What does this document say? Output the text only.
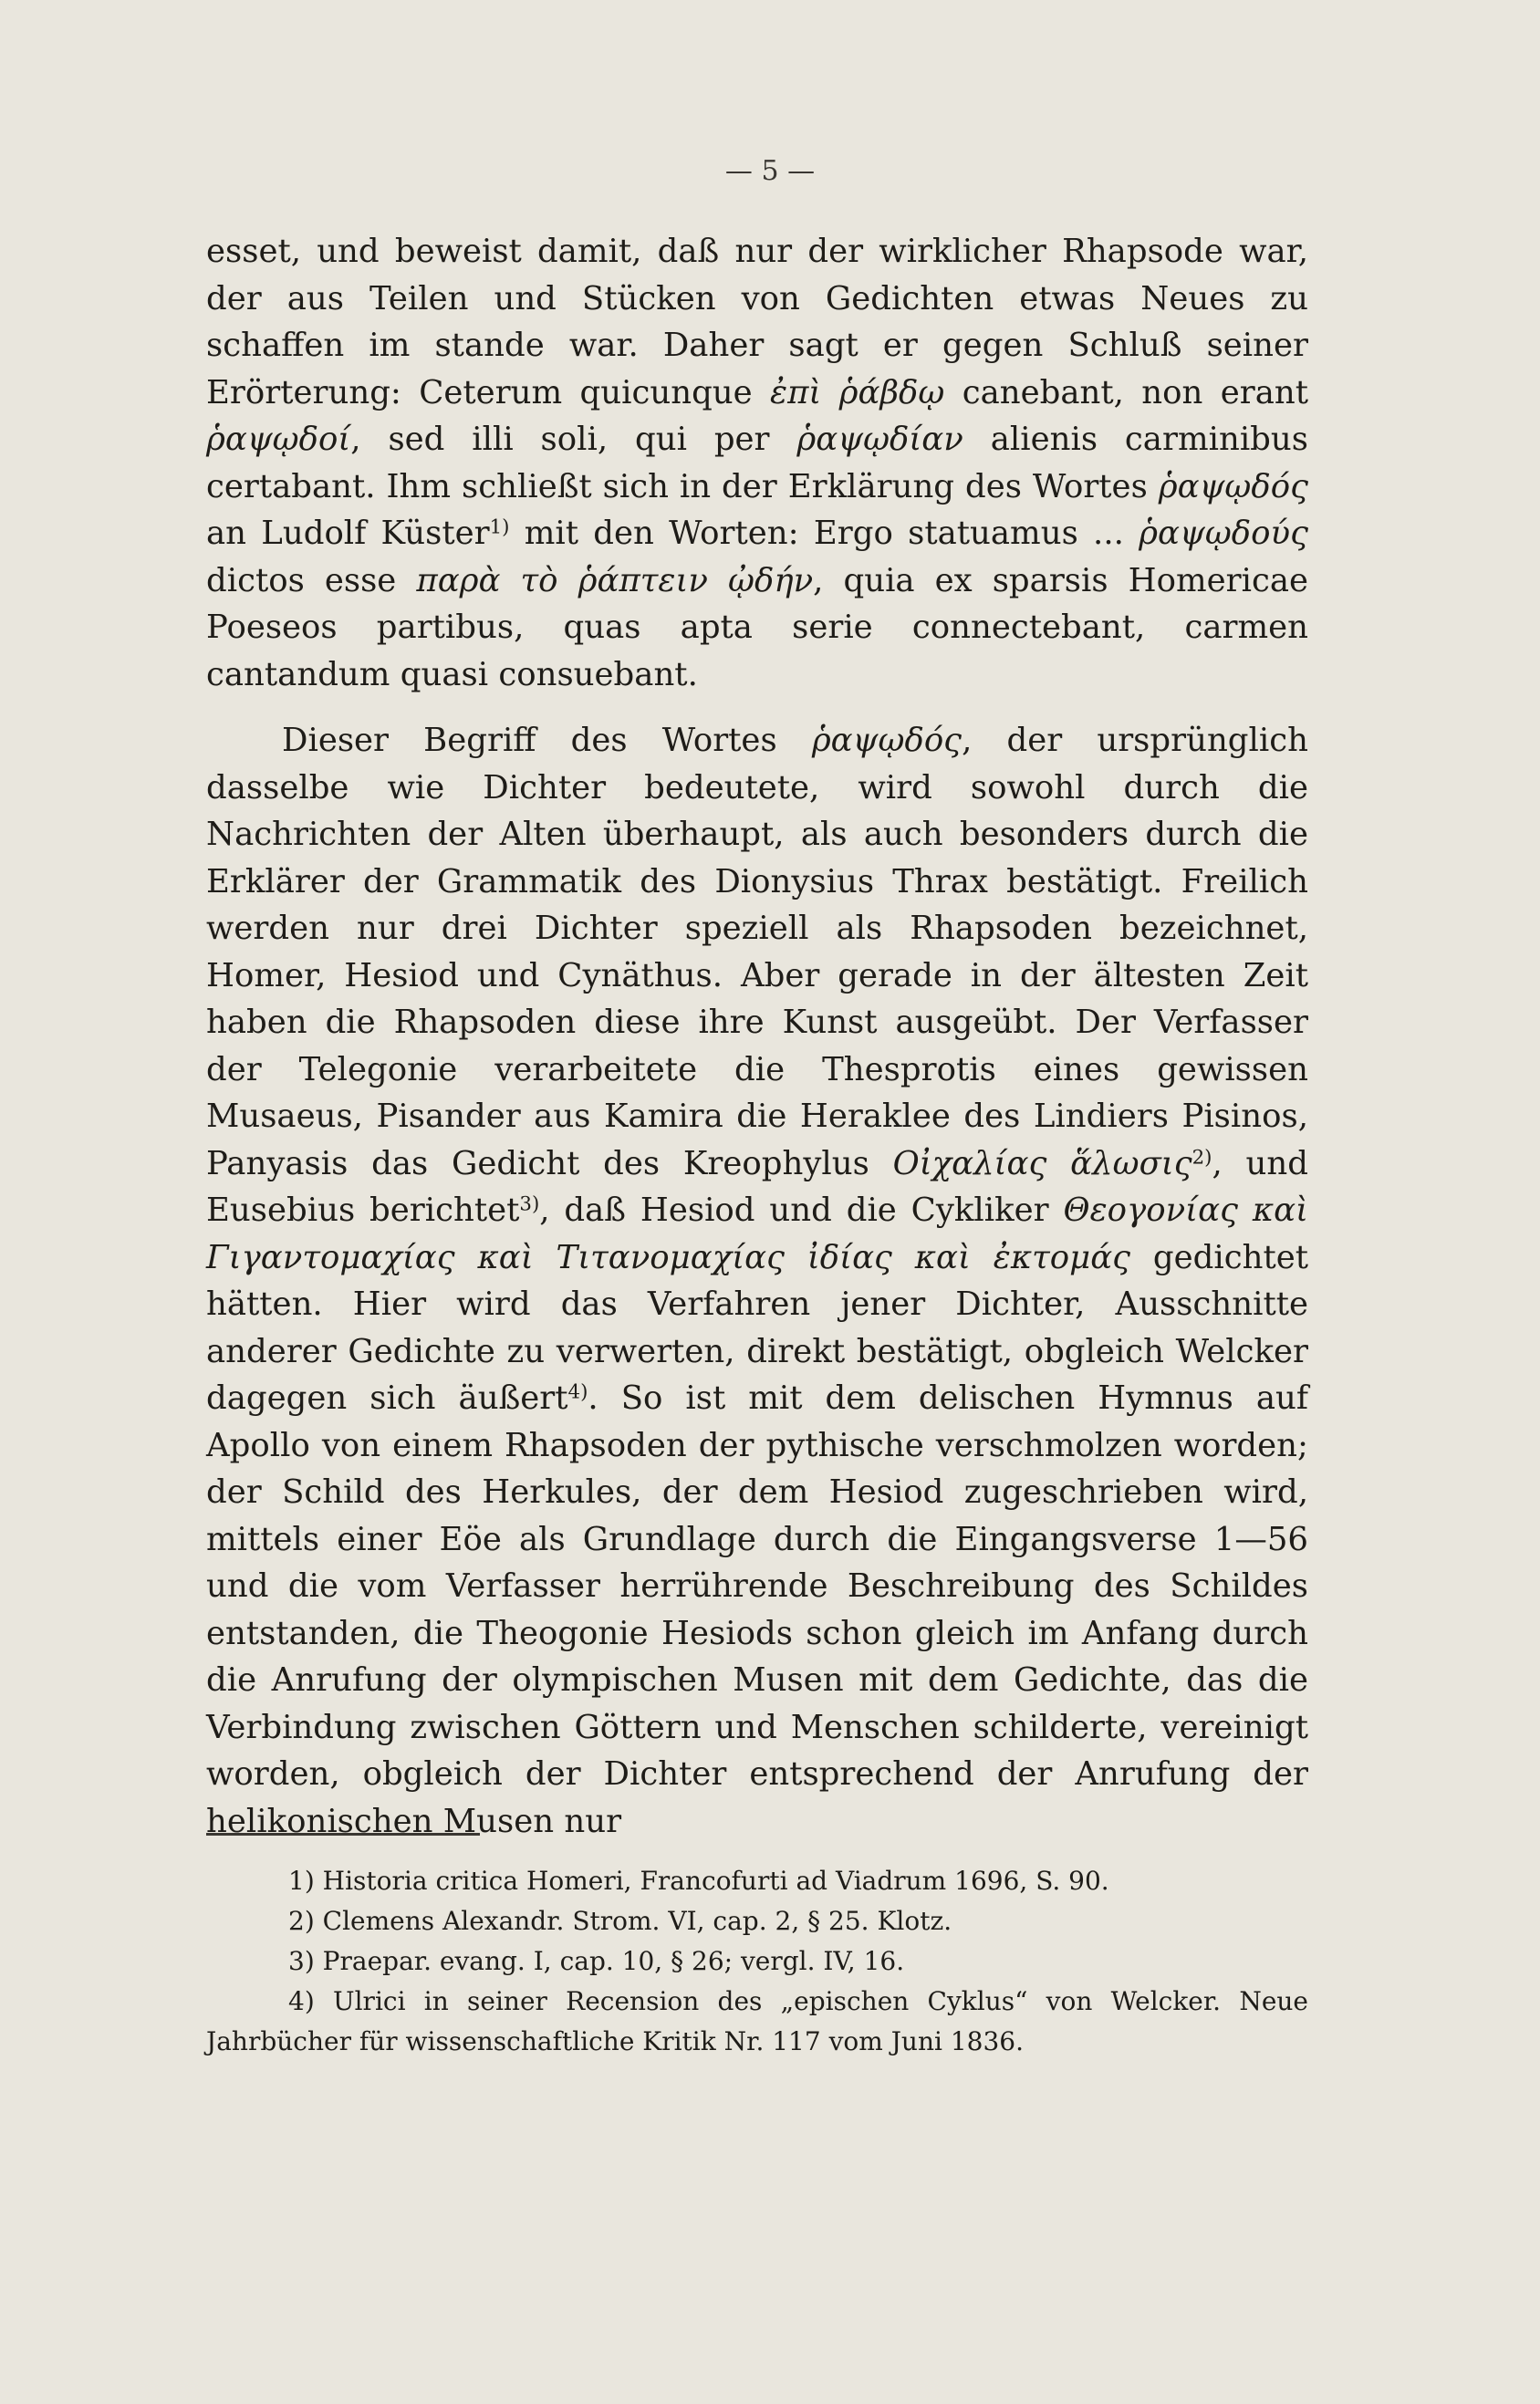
— 5 —

esset, und beweist damit, daß nur der wirklicher Rhapsode war, der aus Teilen und Stücken von Gedichten etwas Neues zu schaffen im stande war. Daher sagt er gegen Schluß seiner Erörterung: Ceterum quicunque ἐπὶ ῥάβδῳ canebant, non erant ῥαψῳδοί, sed illi soli, qui per ῥαψῳδίαν alienis carminibus certabant. Ihm schließt sich in der Erklärung des Wortes ῥαψῳδός an Ludolf Küster$^{1)}$ mit den Worten: Ergo statuamus ... ῥαψῳδούς dictos esse παρὰ τὸ ῥάπτειν ᾠδήν, quia ex sparsis Homericae Poeseos partibus, quas apta serie connectebant, carmen cantandum quasi consuebant.

Dieser Begriff des Wortes ῥαψῳδός, der ursprünglich dasselbe wie Dichter bedeutete, wird sowohl durch die Nachrichten der Alten überhaupt, als auch besonders durch die Erklärer der Grammatik des Dionysius Thrax bestätigt. Freilich werden nur drei Dichter speziell als Rhapsoden bezeichnet, Homer, Hesiod und Cynäthus. Aber gerade in der ältesten Zeit haben die Rhapsoden diese ihre Kunst ausgeübt. Der Verfasser der Telegonie verarbeitete die Thesprotis eines gewissen Musaeus, Pisander aus Kamira die Heraklee des Lindiers Pisinos, Panyasis das Gedicht des Kreophylus Οἰχαλίας ἅλωσις$^{2)}$, und Eusebius berichtet$^{3)}$, daß Hesiod und die Cykliker Θεογονίας καὶ Γιγαντομαχίας καὶ Τιτανομαχίας ἰδίας καὶ ἐκτομάς gedichtet hätten. Hier wird das Verfahren jener Dichter, Ausschnitte anderer Gedichte zu verwerten, direkt bestätigt, obgleich Welcker dagegen sich äußert$^{4)}$. So ist mit dem delischen Hymnus auf Apollo von einem Rhapsoden der pythische verschmolzen worden; der Schild des Herkules, der dem Hesiod zugeschrieben wird, mittels einer Eöe als Grundlage durch die Eingangsverse 1—56 und die vom Verfasser herrührende Beschreibung des Schildes entstanden, die Theogonie Hesiods schon gleich im Anfang durch die Anrufung der olympischen Musen mit dem Gedichte, das die Verbindung zwischen Göttern und Menschen schilderte, vereinigt worden, obgleich der Dichter entsprechend der Anrufung der helikonischen Musen nur

1) Historia critica Homeri, Francofurti ad Viadrum 1696, S. 90.

2) Clemens Alexandr. Strom. VI, cap. 2, § 25. Klotz.

3) Praepar. evang. I, cap. 10, § 26; vergl. IV, 16.

4) Ulrici in seiner Recension des „epischen Cyklus“ von Welcker. Neue Jahrbücher für wissenschaftliche Kritik Nr. 117 vom Juni 1836.
